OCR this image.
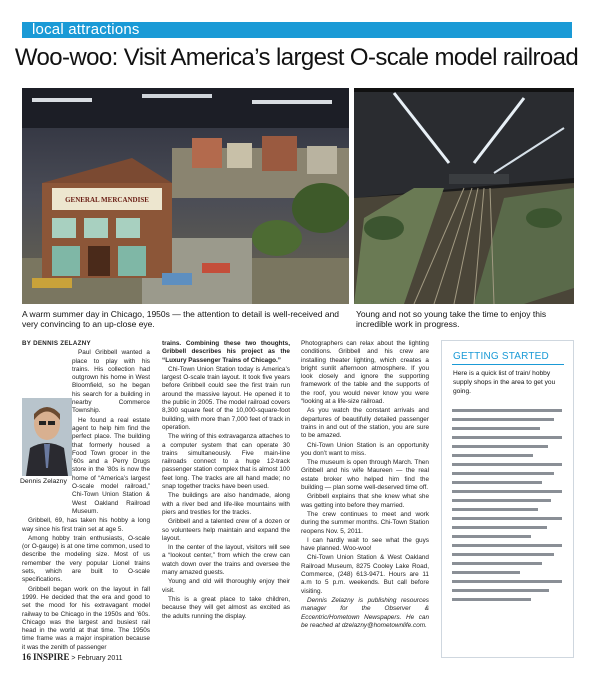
local attractions
Woo-woo: Visit America’s largest O-scale model railroad
GENERAL MERCANDISE
A warm summer day in Chicago, 1950s — the attention to detail is well-received and very convincing to an up-close eye.
Young and not so young take the time to enjoy this incredible work in progress.

BY DENNIS ZELAZNY

Paul Gribbell wanted a place to play with his trains. His collection had outgrown his home in West Bloomfield, so he began his search for a building in nearby Commerce Township.

He found a real estate agent to help him find the perfect place. The building that formerly housed a Food Town grocer in the ’60s and a Perry Drugs store in the ’80s is now the home of “America’s largest O-scale model railroad,” Chi-Town Union Station & West Oakland Railroad Museum.

Gribbell, 69, has taken his hobby a long way since his first train set at age 5.

Among hobby train enthusiasts, O-scale (or O-gauge) is at one time common, used to describe the modeling size. Most of us remember the very popular Lionel trains sets, which are built to O-scale specifications.

Gribbell began work on the layout in fall 1999. He decided that the era and good to set the mood for his extravagant model railway to be Chicago in the 1950s and ’60s. Chicago was the largest and busiest rail head in the world at that time. The 1950s time frame was a major inspiration because it was the zenith of passenger

Dennis Zelazny

trains. Combining these two thoughts, Gribbell describes his project as the “Luxury Passenger Trains of Chicago.”

Chi-Town Union Station today is America’s largest O-scale train layout. It took five years before Gribbell could see the first train run around the massive layout. He opened it to the public in 2005. The model railroad covers 8,300 square feet of the 10,000-square-foot building, with more than 7,000 feet of track in operation.

The wiring of this extravaganza attaches to a computer system that can operate 30 trains simultaneously. Five main-line railroads connect to a huge 12-track passenger station complex that is almost 100 feet long. The tracks are all hand made; no snap together tracks have been used.

The buildings are also handmade, along with a river bed and life-like mountains with piers and trestles for the tracks.

Gribbell and a talented crew of a dozen or so volunteers help maintain and expand the layout.

In the center of the layout, visitors will see a “lookout center,” from which the crew can watch down over the trains and oversee the many amazed guests.

Young and old will thoroughly enjoy their visit.

This is a great place to take children, because they will get almost as excited as the adults running the display.

Photographers can relax about the lighting conditions. Gribbell and his crew are installing theater lighting, which creates a bright sunlit afternoon atmosphere. If you look closely and ignore the supporting framework of the table and the supports of the roof, you would never know you were “looking at a life-size railroad.

As you watch the constant arrivals and departures of beautifully detailed passenger trains in and out of the station, you are sure to be amazed.

Chi-Town Union Station is an opportunity you don’t want to miss.

The museum is open through March. Then Gribbell and his wife Maureen — the real estate broker who helped him find the building — plan some well-deserved time off.

Gribbell explains that she knew what she was getting into before they married.

The crew continues to meet and work during the summer months. Chi-Town Station reopens Nov. 5, 2011.

I can hardly wait to see what the guys have planned. Woo-woo!

Chi-Town Union Station & West Oakland Railroad Museum, 8275 Cooley Lake Road, Commerce, (248) 613-9471. Hours are 11 a.m to 5 p.m. weekends. But call before visiting.

Dennis Zelazny is publishing resources manager for the Observer & Eccentric/Hometown Newspapers. He can be reached at dzelazny@hometownlife.com.

GETTING STARTED
Here is a quick list of train/ hobby supply shops in the area to get you going.
16 INSPIRE > February 2011
